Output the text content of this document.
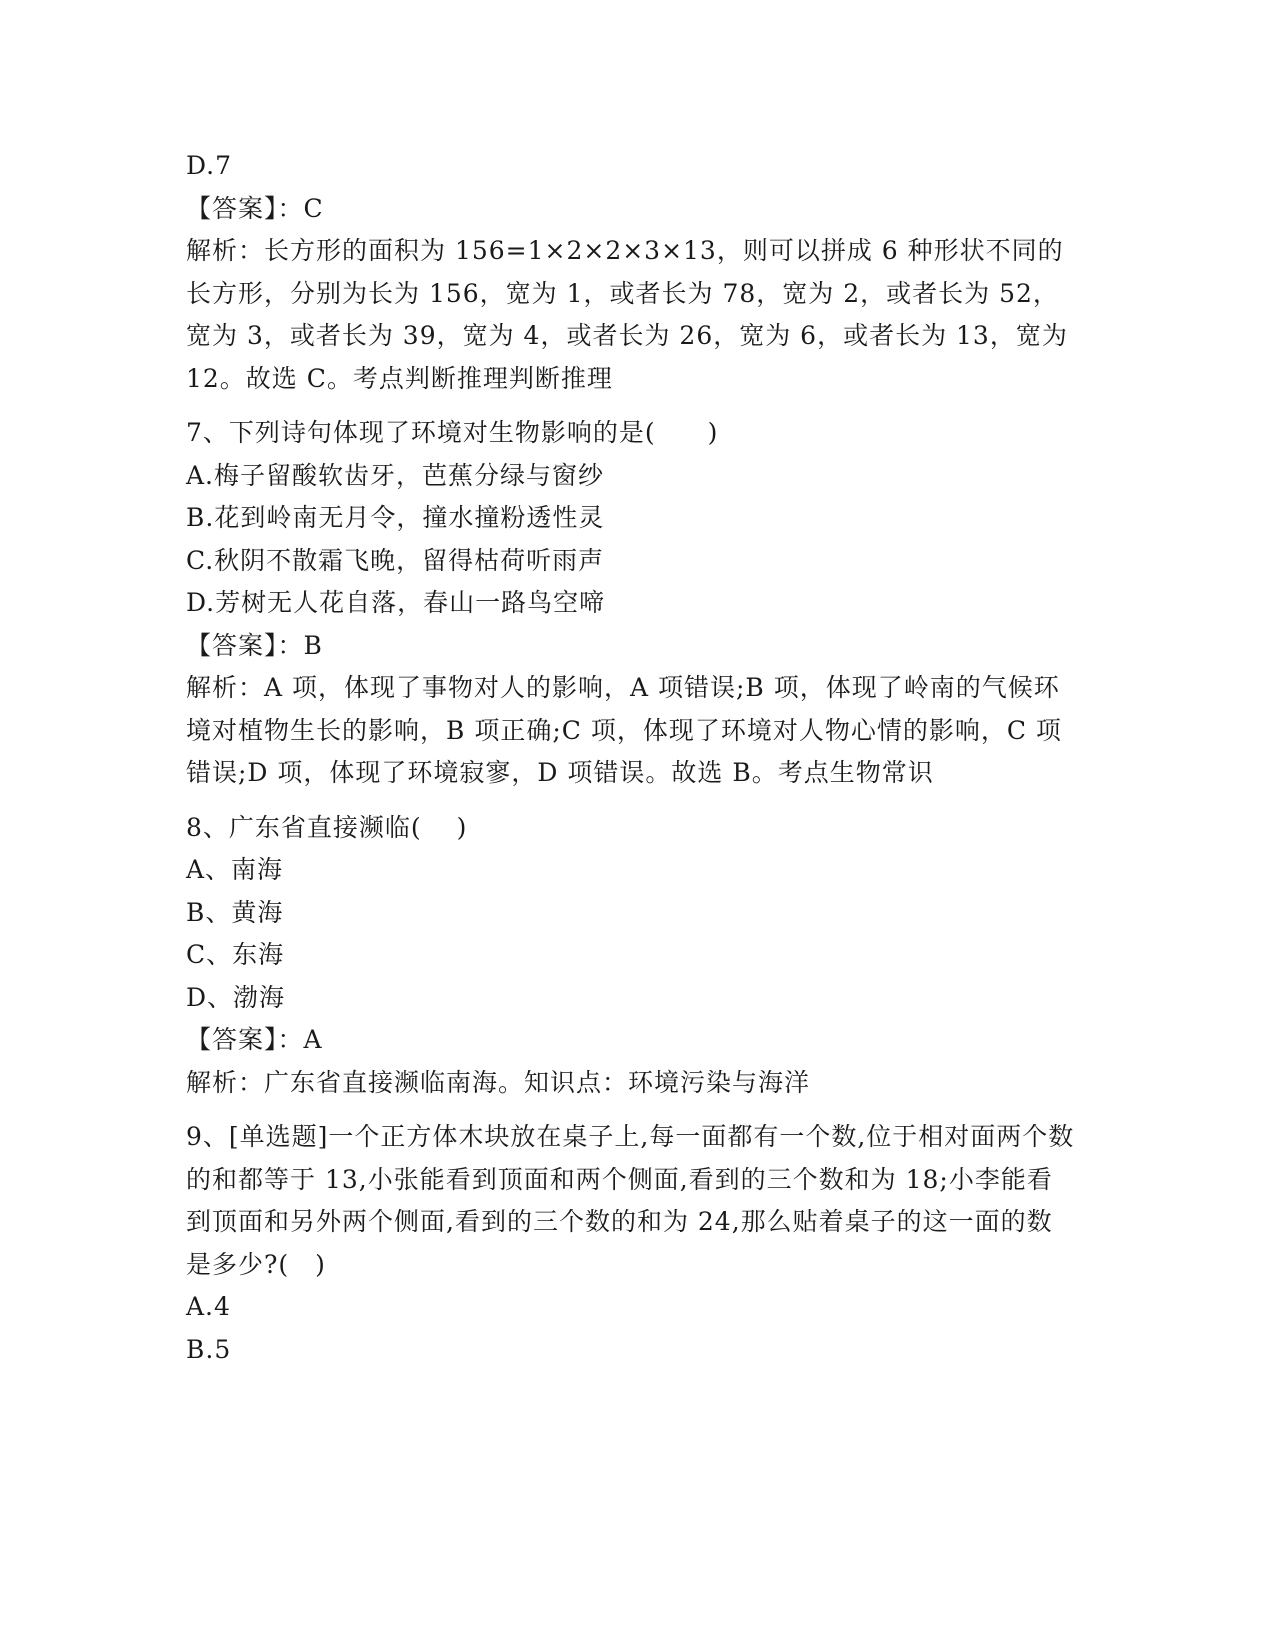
D.7
【答案】：C

解析：长方形的面积为 156=1×2×2×3×13，则可以拼成 6 种形状不同的长方形，分别为长为 156，宽为 1，或者长为 78，宽为 2，或者长为 52，宽为 3，或者长为 39，宽为 4，或者长为 26，宽为 6，或者长为 13，宽为 12。故选 C。考点判断推理判断推理

7、下列诗句体现了环境对生物影响的是(　　)
A.梅子留酸软齿牙，芭蕉分绿与窗纱
B.花到岭南无月令，撞水撞粉透性灵
C.秋阴不散霜飞晚，留得枯荷听雨声
D.芳树无人花自落，春山一路鸟空啼
【答案】：B

解析：A 项，体现了事物对人的影响，A 项错误;B 项，体现了岭南的气候环境对植物生长的影响，B 项正确;C 项，体现了环境对人物心情的影响，C 项错误;D 项，体现了环境寂寥，D 项错误。故选 B。考点生物常识

8、广东省直接濒临(　 )
A、南海
B、黄海
C、东海
D、渤海
【答案】：A

解析：广东省直接濒临南海。知识点：环境污染与海洋

9、[单选题]一个正方体木块放在桌子上,每一面都有一个数,位于相对面两个数的和都等于 13,小张能看到顶面和两个侧面,看到的三个数和为 18;小李能看到顶面和另外两个侧面,看到的三个数的和为 24,那么贴着桌子的这一面的数是多少?(　)

A.4
B.5
